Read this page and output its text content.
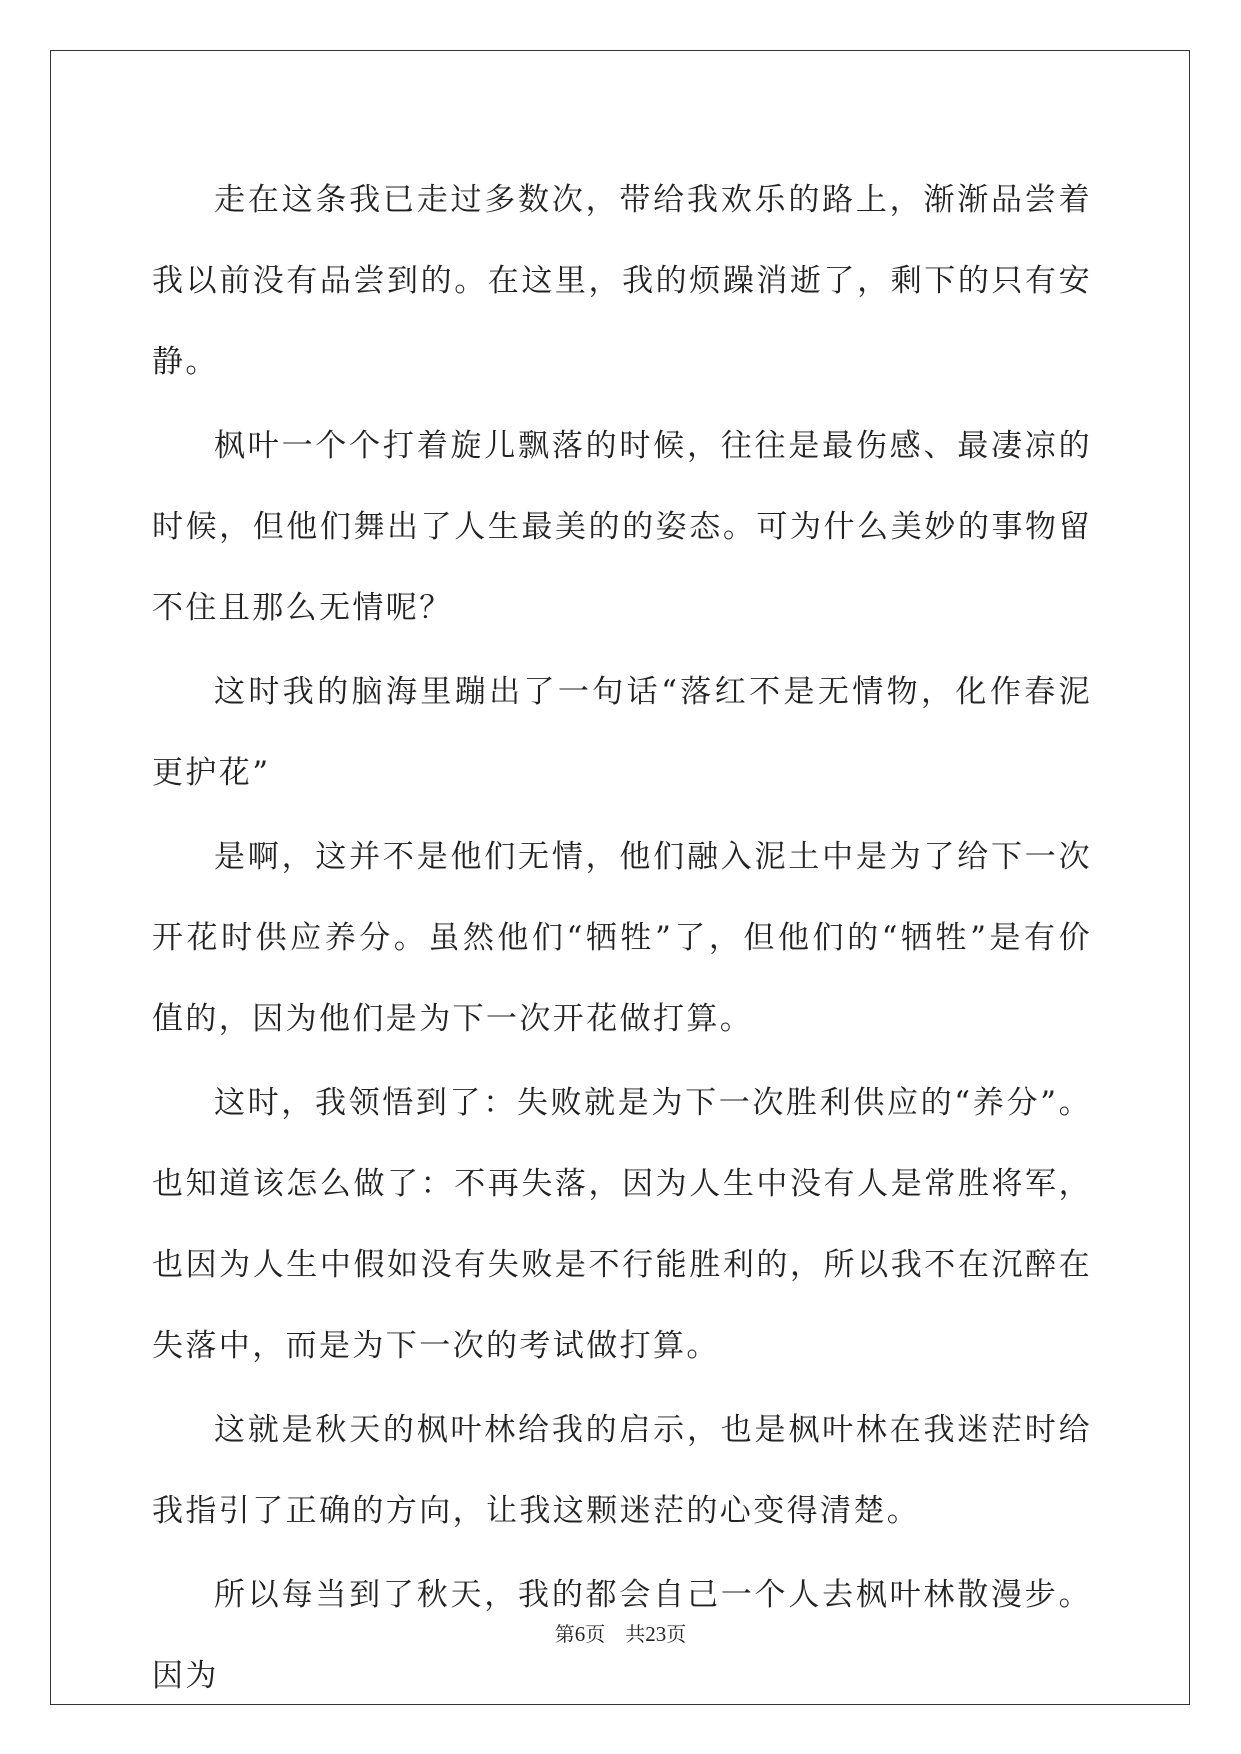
走在这条我已走过多数次，带给我欢乐的路上，渐渐品尝着我以前没有品尝到的。在这里，我的烦躁消逝了，剩下的只有安静。

枫叶一个个打着旋儿飘落的时候，往往是最伤感、最凄凉的时候，但他们舞出了人生最美的的姿态。可为什么美妙的事物留不住且那么无情呢？

这时我的脑海里蹦出了一句话“落红不是无情物，化作春泥更护花”

是啊，这并不是他们无情，他们融入泥土中是为了给下一次开花时供应养分。虽然他们“牺牲”了，但他们的“牺牲”是有价值的，因为他们是为下一次开花做打算。

这时，我领悟到了：失败就是为下一次胜利供应的“养分”。也知道该怎么做了：不再失落，因为人生中没有人是常胜将军，也因为人生中假如没有失败是不行能胜利的，所以我不在沉醉在失落中，而是为下一次的考试做打算。

这就是秋天的枫叶林给我的启示，也是枫叶林在我迷茫时给我指引了正确的方向，让我这颗迷茫的心变得清楚。

所以每当到了秋天，我的都会自己一个人去枫叶林散漫步。因为

第6页 共23页
